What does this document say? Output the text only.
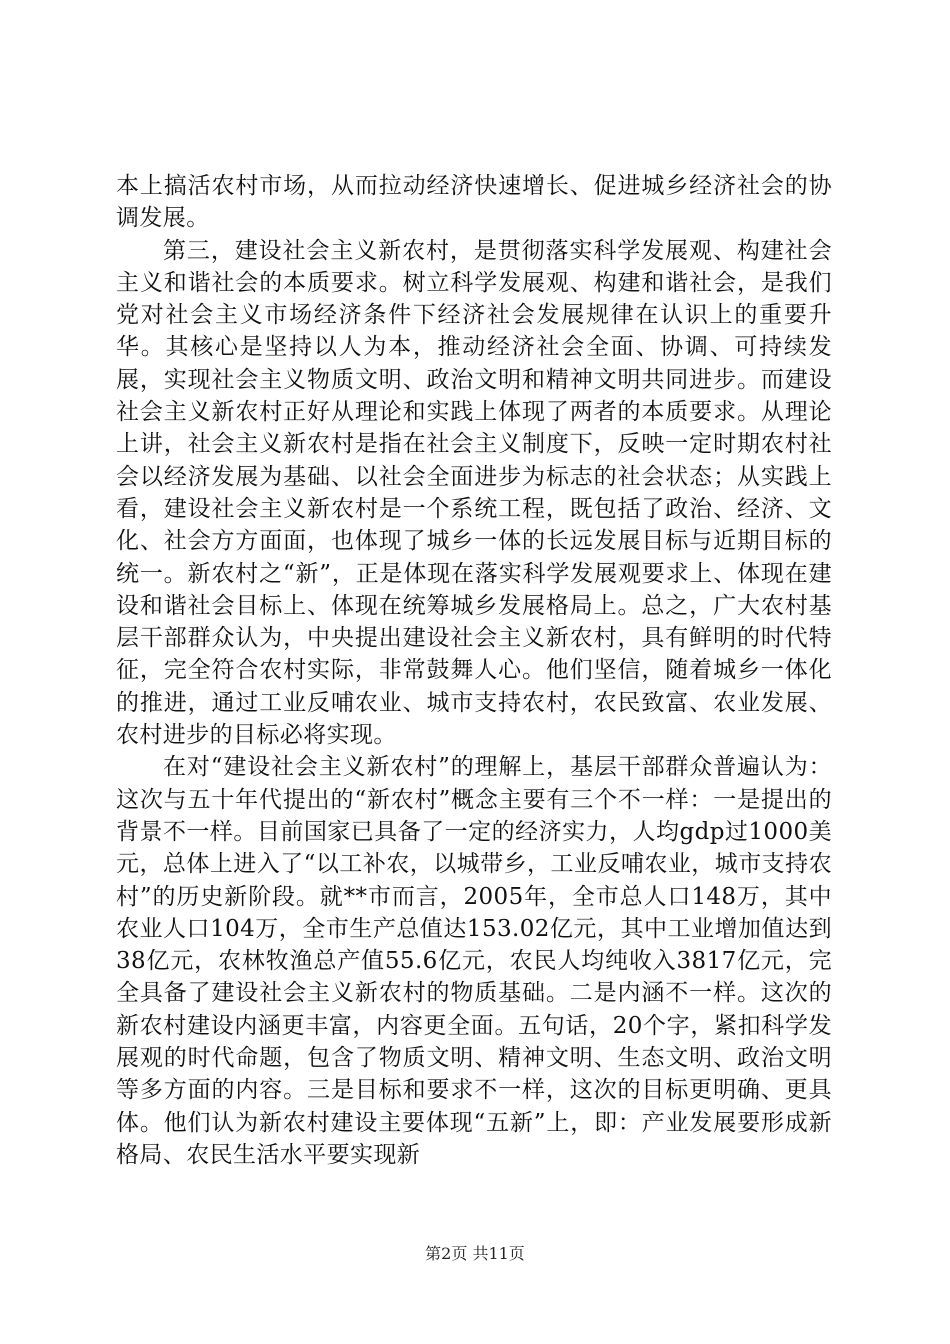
本上搞活农村市场，从而拉动经济快速增长、促进城乡经济社会的协调发展。

第三，建设社会主义新农村，是贯彻落实科学发展观、构建社会主义和谐社会的本质要求。树立科学发展观、构建和谐社会，是我们党对社会主义市场经济条件下经济社会发展规律在认识上的重要升华。其核心是坚持以人为本，推动经济社会全面、协调、可持续发展，实现社会主义物质文明、政治文明和精神文明共同进步。而建设社会主义新农村正好从理论和实践上体现了两者的本质要求。从理论上讲，社会主义新农村是指在社会主义制度下，反映一定时期农村社会以经济发展为基础、以社会全面进步为标志的社会状态；从实践上看，建设社会主义新农村是一个系统工程，既包括了政治、经济、文化、社会方方面面，也体现了城乡一体的长远发展目标与近期目标的统一。新农村之“新”，正是体现在落实科学发展观要求上、体现在建设和谐社会目标上、体现在统筹城乡发展格局上。总之，广大农村基层干部群众认为，中央提出建设社会主义新农村，具有鲜明的时代特征，完全符合农村实际，非常鼓舞人心。他们坚信，随着城乡一体化的推进，通过工业反哺农业、城市支持农村，农民致富、农业发展、农村进步的目标必将实现。

在对“建设社会主义新农村”的理解上，基层干部群众普遍认为：这次与五十年代提出的“新农村”概念主要有三个不一样：一是提出的背景不一样。目前国家已具备了一定的经济实力，人均gdp过1000美元，总体上进入了“以工补农，以城带乡，工业反哺农业，城市支持农村”的历史新阶段。就**市而言，2005年，全市总人口148万，其中农业人口104万，全市生产总值达153.02亿元，其中工业增加值达到38亿元，农林牧渔总产值55.6亿元，农民人均纯收入3817亿元，完全具备了建设社会主义新农村的物质基础。二是内涵不一样。这次的新农村建设内涵更丰富，内容更全面。五句话，20个字，紧扣科学发展观的时代命题，包含了物质文明、精神文明、生态文明、政治文明等多方面的内容。三是目标和要求不一样，这次的目标更明确、更具体。他们认为新农村建设主要体现“五新”上，即：产业发展要形成新格局、农民生活水平要实现新

第2页 共11页
